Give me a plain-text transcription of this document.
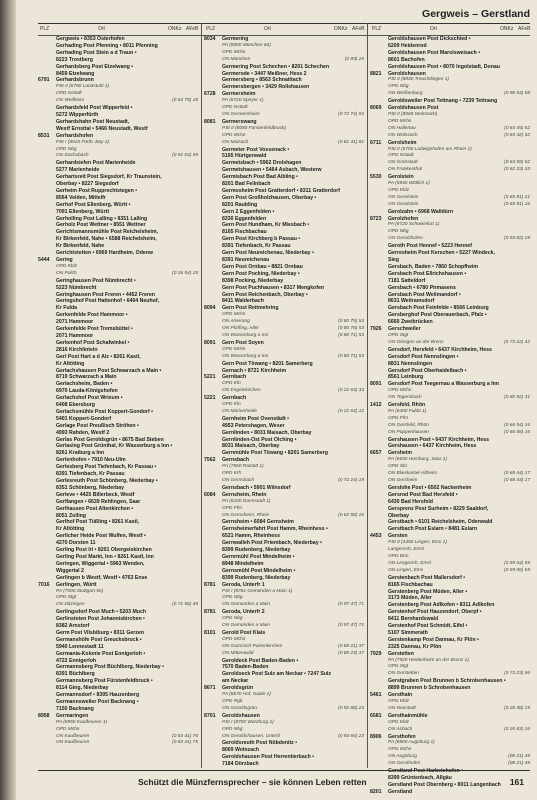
Gergweis – Gerstland
PLZ	Ort	ONKz AFeB PLZ	Ort	ONKz AFeB PLZ	Ort	ONKz AFeB
Gergweis • 8353 Osterhofen
Gerhading Post Pfenning • 8011 Pfenning
Gerhading Post Stein a d Traun •
8223 Trostberg
Gerhardsberg Post Etzelwang •
8459 Etzelwang
6791 Gerhardsbrunn
PSt II (6790 Landstuhl 1)
OPD Nstadt
ON Weilheim	(0 63 75) 18
Gerhardsfeld Post Wipperfeld •
5272 Wipperfürth
Gerhardshahn Post Neustadt,
Westf Ernsttal • 5466 Neustadt, Westf
8531 Gerhardshofen
PSt I (8510 Fürth, Bay 2)
OPD Nbg
ON Dachsbach	(0 91 63) 59
Gerhardsiefen Post Marienheide
5277 Marienheide
Gerhartsreit Post Siegsdorf, Kr Traunstein,
Oberbay • 8227 Siegsdorf
Gerheim Post Rupprechtstegen •
8564 Velden, Mittelfr
Gerhof Post Ellenberg, Württ •
7091 Ellenberg, Württ
Gerholling Post Lalling • 8351 Lalling
Gerholz Post Wettner • 8551 Wettner
Gerichtsmannsmühle Post Reichelsheim,
Kr Birkenfeld, Nahe • 6588 Reichelsheim,
Kr Birkenfeld, Nahe
Gerichtstetten • 6969 Hardheim, Odenw
5444 Gering
OPD Kblz
ON Polch	(0 26 54) 15
Geringhausen Post Nümbrecht •
5223 Nümbrecht
Geringhausen Post Freren • 4452 Freren
Geringshof Post Hattenhof • 6404 Neuhof,
Kr Fulda
Gerkenfelde Post Hammoor •
2071 Hammoor
Gerkenfelde Post Tremsbüttel •
2071 Hammoor
Gerkenhof Post Schafwinkel •
2816 Kirchlinteln
Gerl Post Hart a d Alz • 8261 Kastl,
Kr Altötting
Gerlachshausen Post Schwarzach a Main •
8719 Schwarzach a Main
Gerlachsheim, Baden •
6970 Lauda-Königshofen
Gerlachshof Post Wrixum •
6408 Ebersburg
Gerlachsmühle Post Koppert-Gondorf •
5401 Koppert-Gondorf
Gerlage Post Preußisch Ströhen •
4993 Rahden, Westf 2
Gerlas Post Geroldsgrün • 8675 Bad Steben
Gerlasing Post Grünthal, Kr Wasserburg a Inn •
8261 Kraiburg a Inn
Gerlenhofen • 7910 Neu-Ulm
Gerlesberg Post Tiefenbach, Kr Passau •
8391 Tiefenbach, Kr Passau
Gerlesreuth Post Schönberg, Niederbay •
8351 Schönberg, Niederbay
Gerleve • 4425 Billerbeck, Westf
Gerlfangen • 6639 Rehlingen, Saar
Gerlhausen Post Altenkirchen •
8051 Zolling
Gerlhof Post Tüßling • 8261 Kastl,
Kr Altötting
Gerlicher Heide Post Wulfen, Westf •
4270 Dorsten 11
Gerling Post Irl • 8201 Obergeiskirchen
Gerling Post Markt, Inn • 8261 Kastl, Inn
Geringen, Wiggertal • 5963 Wenden,
Wiggertal 2
Gerlingen b Westf, Westf • 4763 Ense
7016 Gerlingen, Württ
PA (7000 Stuttgart 50)
OPD Stgt
ON Ditzingen	(0 71 56) 49
Gerlingsdorf Post Much • 5203 Much
Gerlinsteten Post Johanniskirchen •
8382 Arnstorf
Germ Post Vilsbiburg • 8311 Gerzen
Germanshöfe Post Greucksbruck •
5940 Lennestadt 11
Germania-Kolonie Post Ennigerloh •
4722 Ennigerloh
Germannsberg Post Büchlberg, Niederbay •
8391 Büchlberg
Germannsberg Post Fürstenfeldbruck •
8114 Ging, Niederbay
Germannsdorf • 8395 Hauzenberg
Germannsweiler Post Backnang •
7150 Backnang
8958 Germaringen
PA (8950 Kaufbeuren 1)
OPD Mchn
ON Kaufbeuren	(0 83 41) 76
ON Kaufbeuren	(0 83 41) 75
8034 Germering
PA (8000 München 60)
OPD Mchn
ON München	(0 89) 25
Germering Post Schechen • 8201 Schechen
Germerode • 3447 Meißner, Hess 2
Germersberg • 8563 Schnaittach
Germersbergen • 3429 Rollshausen
6728 Germersheim
PA (6720 Speyer 1)
OPD Nstadt
ON Germersheim	(0 72 74) 93
8081 Germerswang
PSt II (8080 Fürstenfeldbruck)
OPD Mchn
ON Maisach	(0 81 41) 81
Germeter Post Vossenack •
5165 Hürtgenwald
Germetsbach • 5962 Drolshagen
Germetshausen • 5464 Asbach, Westerw
Germisbach Post Bad Aibling •
8201 Bad Feilnbach
Germosheim Post Gratterdorf • 8311 Gratterdorf
Gern Post Großholzhausen, Oberbay •
8201 Raubling
Gern 2 Eggenfelden •
8330 Eggenfelden
Gern Post Hundham, Kr Miesbach •
8165 Fischbachau
Gern Post Kirchberg b Passau •
8391 Tiefenbach, Kr Passau
Gern Post Neureichenau, Niederbay •
8391 Neureichenau
Gern Post Ornbau • 8821 Ornbau
Gern Post Pocking, Niederbay •
8398 Pocking, Niederbay
Gern Post Puchhausen • 8317 Mengkofen
Gern Post Reichenbach, Oberbay •
8411 Walderbach
8094 Gern Post Reitmehring
OPD Mchn
ON Amerang	(0 80 75) 53
ON Pfaffing, Aller	(0 80 76) 53
ON Wasserburg a Inn	(0 80 71) 53
8091 Gern Post Soyen
OPD Mchn
ON Wasserburg a Inn	(0 80 71) 53
Gern Post Töwang • 8201 Samerberg
Gernach • 8721 Kirchheim
5221 Gernbach
OPD Kln
ON Engelskirchen	(0 22 63) 33
5221 Gernbach
OPD Kln
ON Marienheide	(0 22 64) 12
Gernheim Post Ovenstädt •
4953 Petershagen, Weser
Gernlinden • 8031 Maisach, Oberbay
Gernlinden-Ost Post Olching •
8031 Maisach, Oberbay
Gernmühle Post Töwang • 8201 Samerberg
7562 Gernsbach
PA (7560 Rastatt 1)
OPD Krh
ON Gernsbach	(0 72 24) 19
Gernsbach • 5901 Wilnsdorf
6084 Gernsheim, Rhein
PA (6100 Darmstadt 1)
OPD Ffm
ON Gernsheim, Rhein	(0 62 58) 26
Gernsheim • 6084 Gernsheim
Gernsheimerfahrt Post Hamm, Rheinhess •
6521 Hamm, Rheinhess
Gernwalleh Post Priembach, Niederbay •
8399 Rudenberg, Niederbay
Gernrmühl Post Mindelheim •
8948 Mindelheim
Gernsmühl Post Mindelheim •
8399 Rudenberg, Niederbay
8781 Geroda, Unterfr 1
PSt I (8781 Gemünden a Main 1)
OPD Nbg
ON Gemünden a Main	(0 97 47) 71
8781 Geroda, Unterfr 2
OPD Nbg
ON Gemünden a Main	(0 97 47) 71
8101 Gerold Post Klais
OPD Mchn
ON Garmisch-Partenkirchen	(0 88 21) 37
ON Mittenwald	(0 88 23) 37
Geroldeck Post Baden-Baden •
7570 Baden-Baden
Geroldseck Post Sulz am Neckar • 7247 Sulz
am Neckar
8671 Geroldsgrün
PA (8670 Hof, Saale 1)
OPD Rgb
ON Geroldsgrün	(0 92 88) 23
8701 Geroldshausen
PSt I (8700 Würzburg 1)
OPD Nbg
ON Geroldshausen, Unterfr	(0 93 66) 23
Geroldsreuth Post Nöbdenitz •
8069 Wolnzach
Geroldshausen Post Herrentierbach •
7184 Dörzbach
Geroldshausen Post Dickschied •
6209 Heidenrod
Geroldshausen Post Marolsweisach •
8601 Bachofen
Geroldshausen Post • 8070 Ingolstadt, Donau
8821 Geroldshausen
PSt II (8830 Treuchtlingen 1)
OPD Nbg
ON Weißenburg	(0 98 54) 58
Geroldsweiler Post Tettnang • 7239 Tettnang
8069 Geroldshausen Post
PSt II (8069 Wolnzach)
OPD Mchn
ON Hallertau	(0 84 45) 52
ON Wolnzach	(0 84 42) 52
6711 Gerolsheim
PSt II (6700 Ludwigshafen am Rhein 1)
OPD Nstadt
ON Grünstadt	(0 63 59) 52
ON Frankenthal	(0 62 33) 33
5530 Gerolstein
PA (5550 Wittlich 1)
OPD Kblz
ON Gerolstein	(0 65 91) 21
ON Gerolstein	(0 65 91) 16
Gerolzahn • 6968 Walldürn
8723 Gerolzhofen
PA (8720 Schweinfurt 1)
OPD Nbg
ON Gerolzhofen	(0 93 82) 29
Geroth Post Hennef • 5223 Hennef
Gerresheim Post Kerschen • 5227 Windeck,
Sieg
Gersbach, Baden • 7860 Schopfheim
Gersbach Post Ellrichshausen •
7181 Satteldorf
Gersbach • 6780 Pirmasens
Gersbach Post Weilmandorf •
8631 Weitramsdorf
Gersbach Post Feinfelde • 8566 Leinburg
Gersberghof Post Oberauerbach, Pfalz •
6660 Zweibrücken
7926 Gerschweiler
OPD Stgt
ON Giengen an der Brenz	(0 73 22) 42
Gersdorf, Hersfeld • 6437 Kirchheim, Hess
Gersdorf Post Nennslingen •
8831 Nennslingen
Gersdorf Post Oberhaidelbach •
8561 Leinburg
8091 Gersdorf Post Teegernau a Wasserburg a Inn
OPD Mchn
ON Tegernbach	(0 80 92) 31
1412 Gersfeld, Rhön
PA (6400 Fulda 1)
OPD Ffm
ON Gersfeld, Rhön	(0 66 54) 16
ON Poppenhausen	(0 66 58) 16
Gershausen Post • 6437 Kirchheim, Hess
Gershausen • 6437 Kirchheim, Hess
6657 Gersheim
PA (6650 Homburg, Saar 1)
OPD Sbr
ON Blieskastel-Altheim	(0 68 44) 17
ON Gersheim	(0 68 43) 17
Gerslohe Post • 6502 Nackenheim
Gersrod Post Bad Hersfeld •
6430 Bad Hersfeld
Gersprenz Post Surheim • 8229 Saaldorf,
Oberbay
Gerstbach • 6101 Reichelsheim, Odenwald
Gerstbach Post Eslarn • 8481 Eslarn
4453 Gersten
PSt II (4450 Lingen, Ems 1)
Langerech, Emsl
OPD Brm
ON Lengerich, Emsl	(0 59 04) 55
ON Lingen, Ems	(0 59 06) 55
Gerstenbach Post Mallersdorf •
8165 Fischbachau
Gerstenberg Post Müden, Aller •
3173 Müden, Aller
Gerstenberg Post Adlkofen • 8311 Adlkofen
Gerstenhof Post Hauzendorf, Oberpf •
8411 Bernhardswald
Gerstenhof Post Schmidt, Eifel •
5107 Simmerath
Gerstenkamp Post Dannau, Kr Plön •
2325 Dannau, Kr Plön
7929 Gerstetten
PA (7920 Heidenheim an der Brenz 1)
OPD Stgt
ON Gerstetten	(0 73 23) 56
Gerstgraben Post Brunnen b Schrobenhausen •
8899 Brunnen b Schrobenhausen
5461 Gersthain
OPD Kblz
ON Neustadt	(0 26 38) 15
6581 Gersthainmühle
OPD Kblz
ON Asbach	(0 26 83) 16
8906 Gersthofen
PA (8900 Augsburg 1)
OPD Mchn
ON Augsburg	(08 21) 49
ON Gersthofen	(08 21) 49
Gerstland Post Harbetshofen •
8399 Grüntenbach, Allgäu
Gerstland Post Obernberg • 8011 Langenbach
8201 Gerstland
Schützt die Münzfernsprecher – sie können Leben retten	161
